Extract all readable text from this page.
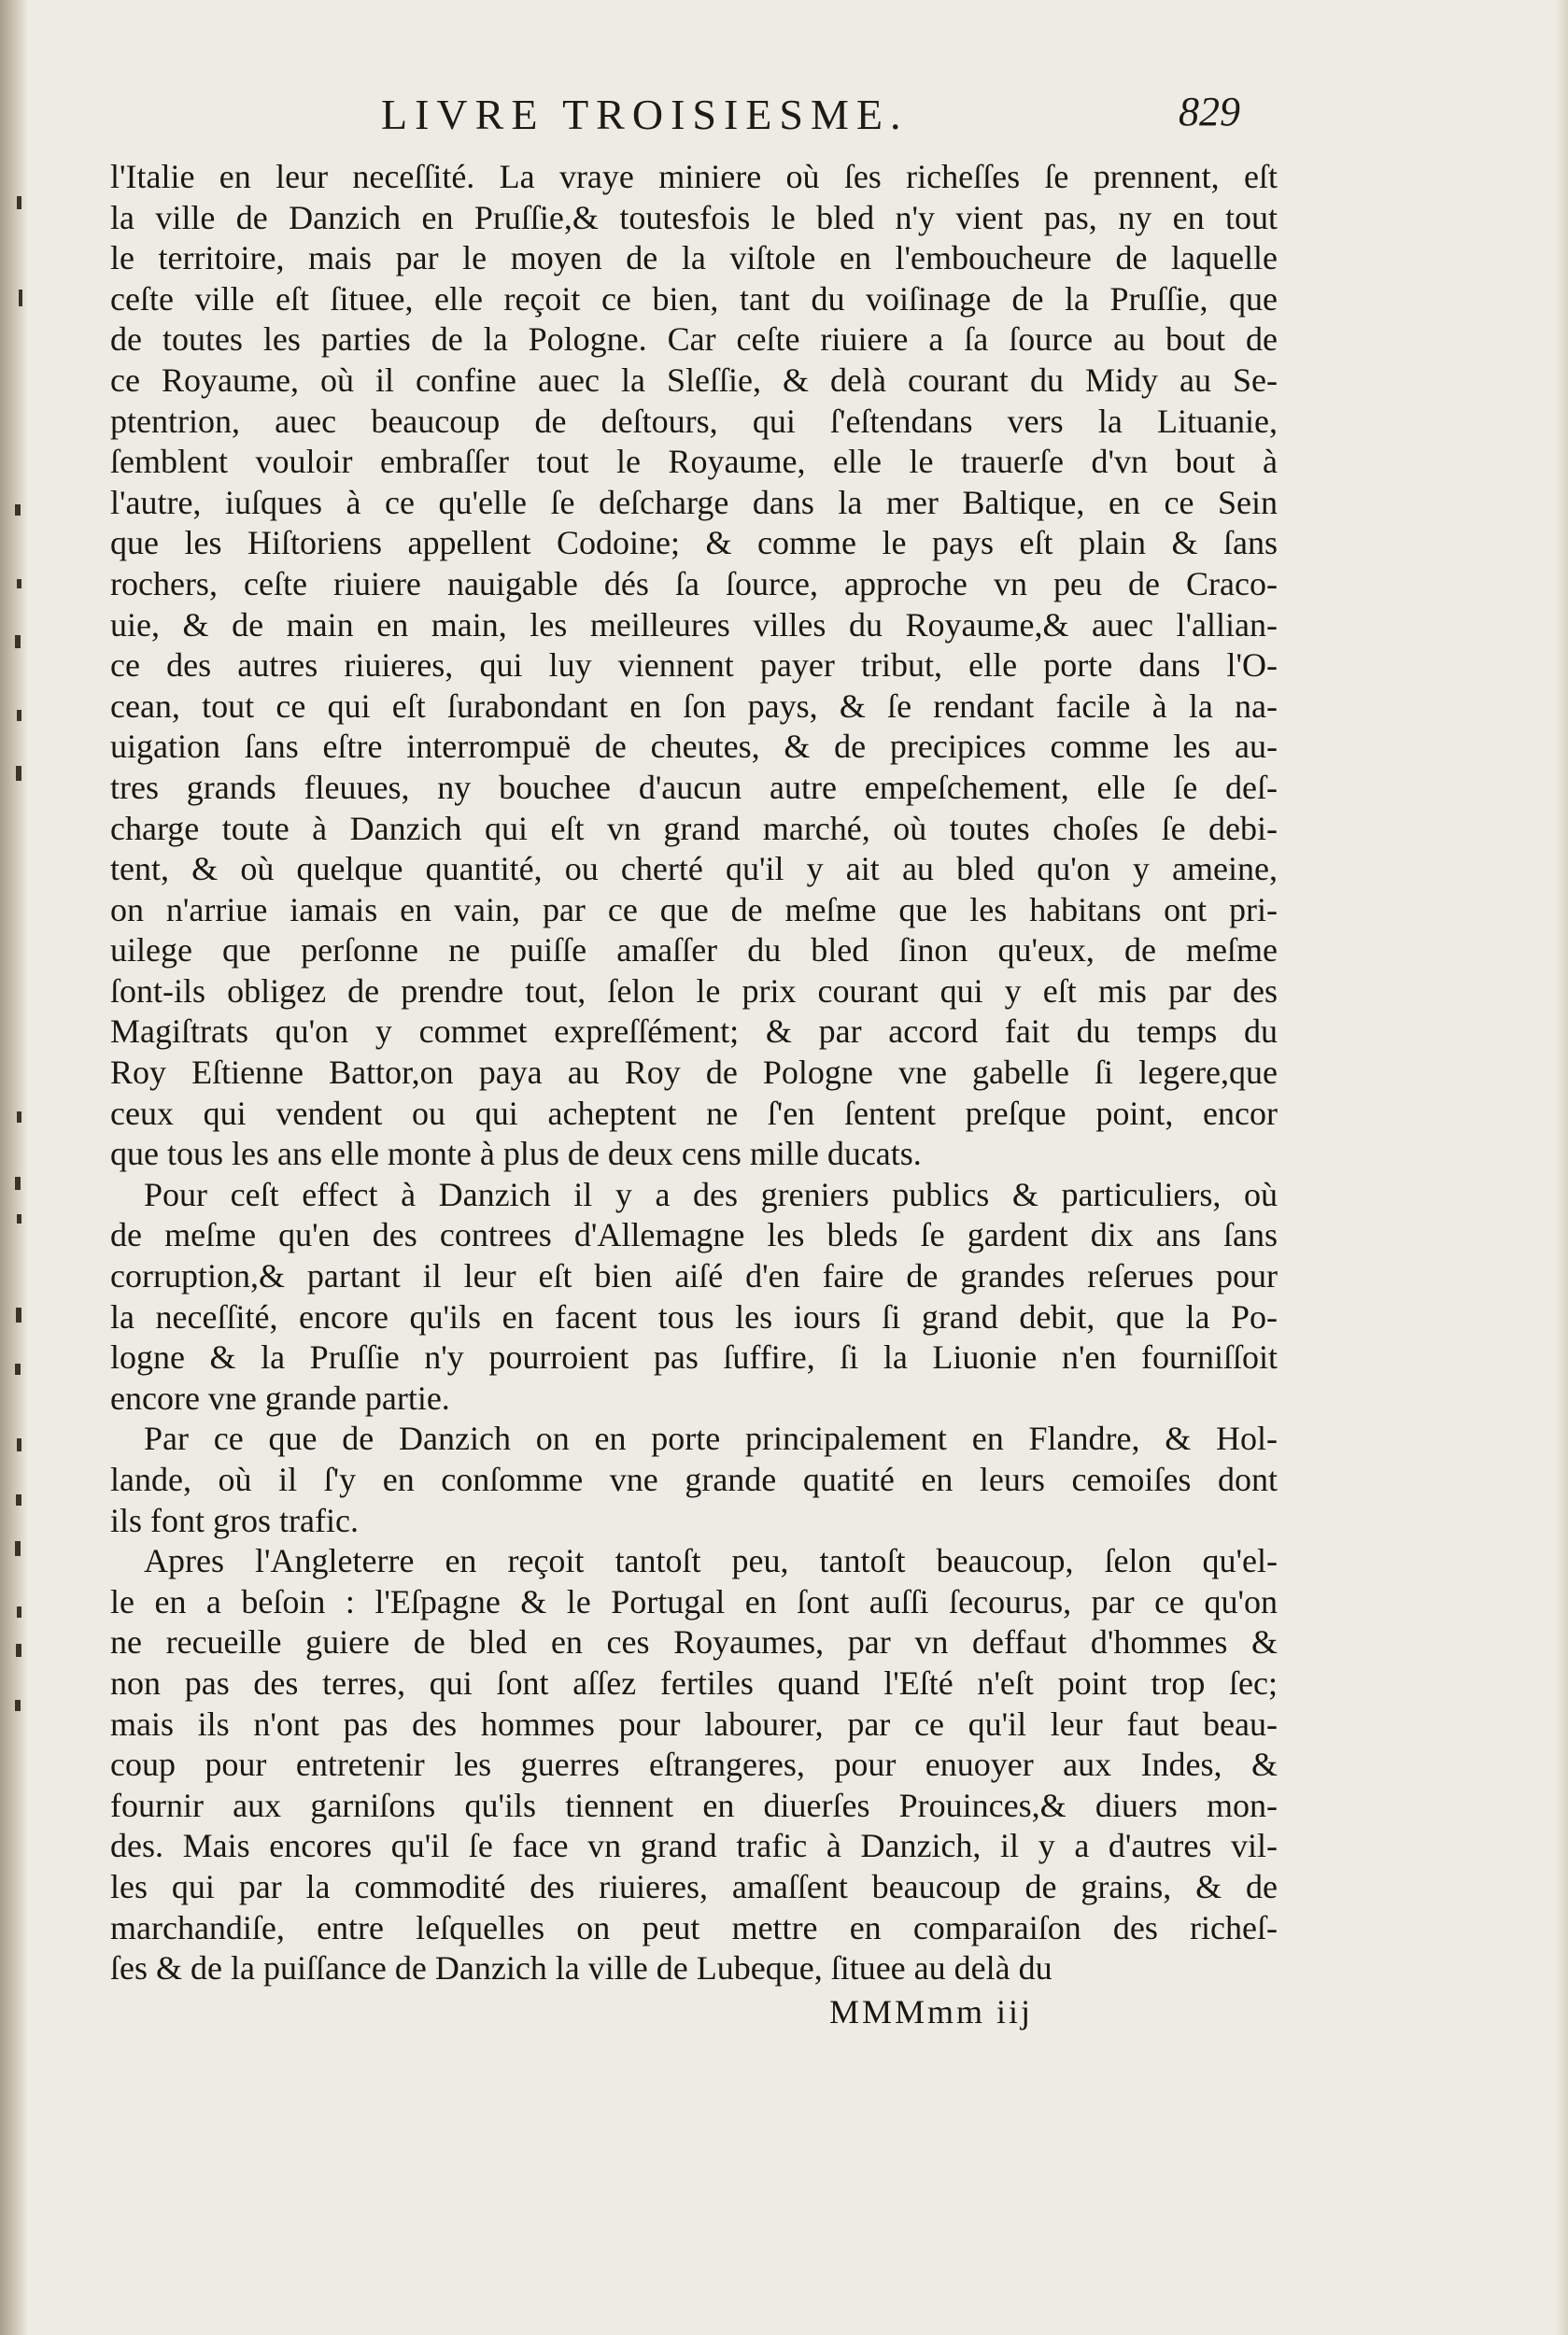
LIVRE TROISIESME.	829
l'Italie en leur neceſſité. La vraye miniere où ſes richeſſes ſe prennent, eſt
la ville de Danzich en Pruſſie,& toutesfois le bled n'y vient pas, ny en tout
le territoire, mais par le moyen de la viſtole en l'emboucheure de laquelle
ceſte ville eſt ſituee, elle reçoit ce bien, tant du voiſinage de la Pruſſie, que
de toutes les parties de la Pologne. Car ceſte riuiere a ſa ſource au bout de
ce Royaume, où il confine auec la Sleſſie, & delà courant du Midy au Se-
ptentrion, auec beaucoup de deſtours, qui ſ'eſtendans vers la Lituanie,
ſemblent vouloir embraſſer tout le Royaume, elle le trauerſe d'vn bout à
l'autre, iuſques à ce qu'elle ſe deſcharge dans la mer Baltique, en ce Sein
que les Hiſtoriens appellent Codoine; & comme le pays eſt plain & ſans
rochers, ceſte riuiere nauigable dés ſa ſource, approche vn peu de Craco-
uie, & de main en main, les meilleures villes du Royaume,& auec l'allian-
ce des autres riuieres, qui luy viennent payer tribut, elle porte dans l'O-
cean, tout ce qui eſt ſurabondant en ſon pays, & ſe rendant facile à la na-
uigation ſans eſtre interrompuë de cheutes, & de precipices comme les au-
tres grands fleuues, ny bouchee d'aucun autre empeſchement, elle ſe deſ-
charge toute à Danzich qui eſt vn grand marché, où toutes choſes ſe debi-
tent, & où quelque quantité, ou cherté qu'il y ait au bled qu'on y ameine,
on n'arriue iamais en vain, par ce que de meſme que les habitans ont pri-
uilege que perſonne ne puiſſe amaſſer du bled ſinon qu'eux, de meſme
ſont-ils obligez de prendre tout, ſelon le prix courant qui y eſt mis par des
Magiſtrats qu'on y commet expreſſément; & par accord fait du temps du
Roy Eſtienne Battor,on paya au Roy de Pologne vne gabelle ſi legere,que
ceux qui vendent ou qui acheptent ne ſ'en ſentent preſque point, encor
que tous les ans elle monte à plus de deux cens mille ducats.
Pour ceſt effect à Danzich il y a des greniers publics & particuliers, où
de meſme qu'en des contrees d'Allemagne les bleds ſe gardent dix ans ſans
corruption,& partant il leur eſt bien aiſé d'en faire de grandes reſerues pour
la neceſſité, encore qu'ils en facent tous les iours ſi grand debit, que la Po-
logne & la Pruſſie n'y pourroient pas ſuffire, ſi la Liuonie n'en fourniſſoit
encore vne grande partie.
Par ce que de Danzich on en porte principalement en Flandre, & Hol-
lande, où il ſ'y en conſomme vne grande quatité en leurs cemoiſes dont
ils font gros trafic.
Apres l'Angleterre en reçoit tantoſt peu, tantoſt beaucoup, ſelon qu'el-
le en a beſoin : l'Eſpagne & le Portugal en ſont auſſi ſecourus, par ce qu'on
ne recueille guiere de bled en ces Royaumes, par vn deffaut d'hommes &
non pas des terres, qui ſont aſſez fertiles quand l'Eſté n'eſt point trop ſec;
mais ils n'ont pas des hommes pour labourer, par ce qu'il leur faut beau-
coup pour entretenir les guerres eſtrangeres, pour enuoyer aux Indes, &
fournir aux garniſons qu'ils tiennent en diuerſes Prouinces,& diuers mon-
des. Mais encores qu'il ſe face vn grand trafic à Danzich, il y a d'autres vil-
les qui par la commodité des riuieres, amaſſent beaucoup de grains, & de
marchandiſe, entre leſquelles on peut mettre en comparaiſon des richeſ-
ſes & de la puiſſance de Danzich la ville de Lubeque, ſituee au delà du
MMMmm iij
